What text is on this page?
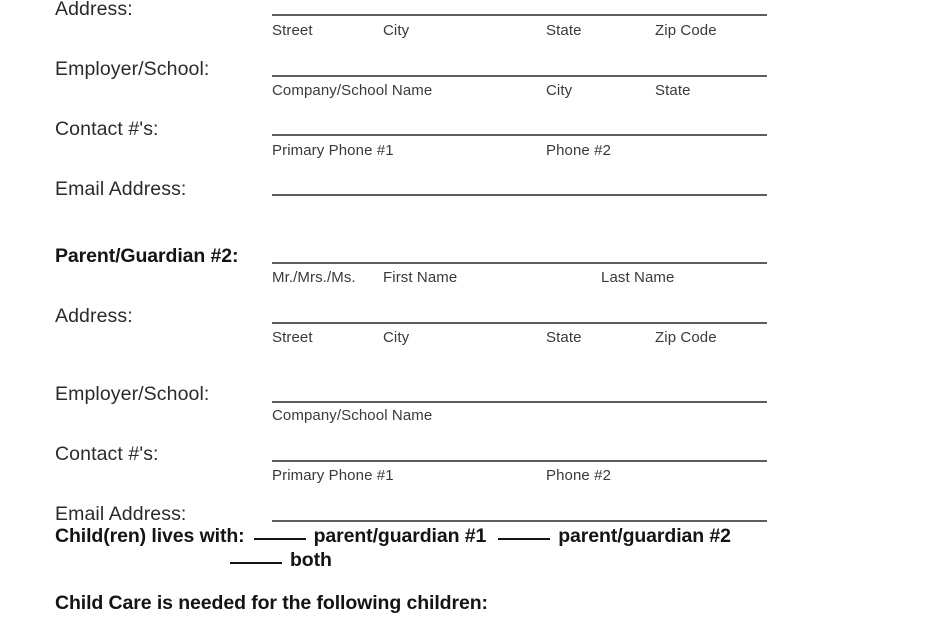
Address:
Street	City	State	Zip Code
Employer/School:
Company/School Name	City	State
Contact #'s:
Primary Phone #1	Phone #2
Email Address:
Parent/Guardian #2:
Mr./Mrs./Ms. First Name	Last Name
Address:
Street	City	State	Zip Code
Employer/School:
Company/School Name
Contact #'s:
Primary Phone #1	Phone #2
Email Address:
Child(ren) lives with:	parent/guardian #1	parent/guardian #2
both
Child Care is needed for the following children:
